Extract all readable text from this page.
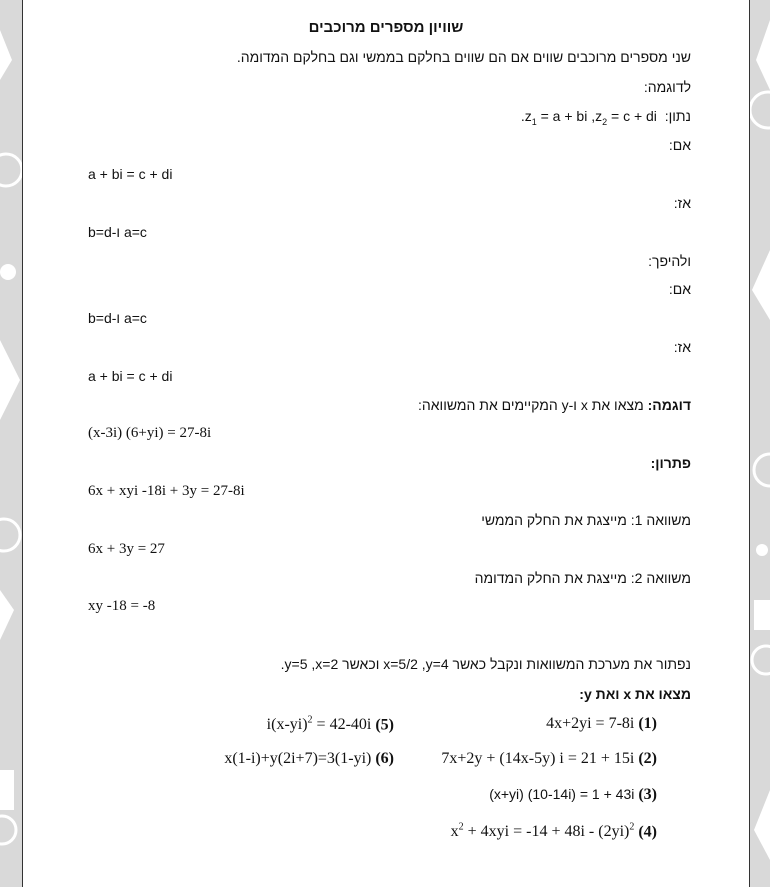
שוויון מספרים מרוכבים
שני מספרים מרוכבים שווים אם הם שווים בחלקם בממשי וגם בחלקם המדומה.
לדוגמה:
נתון:  $.z_1 = a$ + bi $,z_2 = c$ + di
אם:
a + bi = c + di
אז:
b=d-ו a=c
ולהיפך:
אם:
b=d-ו a=c
אז:
a + bi = c + di
דוגמה: מצאו את x ו-y המקיימים את המשוואה:
(x-3i) (6+yi) = 27-8i
פתרון:
6x + xyi -18i + 3y = 27-8i
משוואה 1: מייצגת את החלק הממשי
6x + 3y = 27
משוואה 2: מייצגת את החלק המדומה
xy -18 = -8
נפתור את מערכת המשוואות ונקבל כאשר x=5/2 ,y=4 וכאשר y=5 ,x=2.
מצאו את x ואת y:
4x+2yi = 7-8i (1)
7x+2y + (14x-5y) i = 21 + 15i (2)
(x+yi) (10-14i) = 1 + 43i (3)
$x^2 + 4xyi = -14 + 48i - (2yi)^2$ (4)
$i(x-yi)^2 = 42-40i$ (5)
x(1-i)+y(2i+7)=3(1-yi) (6)
